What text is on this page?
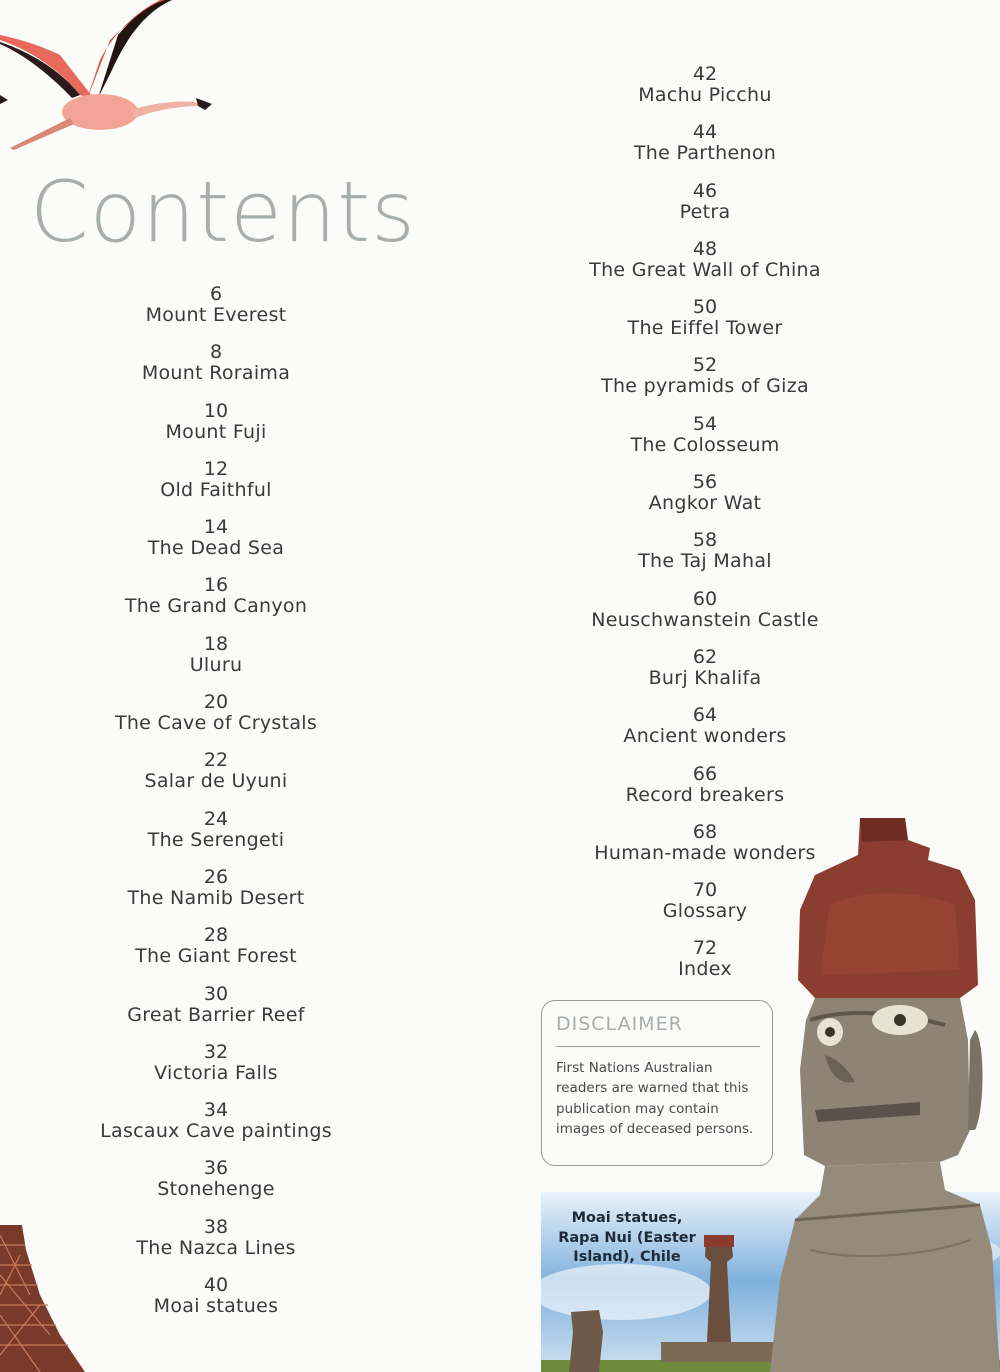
Contents
6
Mount Everest
8
Mount Roraima
10
Mount Fuji
12
Old Faithful
14
The Dead Sea
16
The Grand Canyon
18
Uluru
20
The Cave of Crystals
22
Salar de Uyuni
24
The Serengeti
26
The Namib Desert
28
The Giant Forest
30
Great Barrier Reef
32
Victoria Falls
34
Lascaux Cave paintings
36
Stonehenge
38
The Nazca Lines
40
Moai statues
42
Machu Picchu
44
The Parthenon
46
Petra
48
The Great Wall of China
50
The Eiffel Tower
52
The pyramids of Giza
54
The Colosseum
56
Angkor Wat
58
The Taj Mahal
60
Neuschwanstein Castle
62
Burj Khalifa
64
Ancient wonders
66
Record breakers
68
Human-made wonders
70
Glossary
72
Index
Moai statues,
Rapa Nui (Easter
Island), Chile
DISCLAIMER
First Nations Australian
readers are warned that this
publication may contain
images of deceased persons.
